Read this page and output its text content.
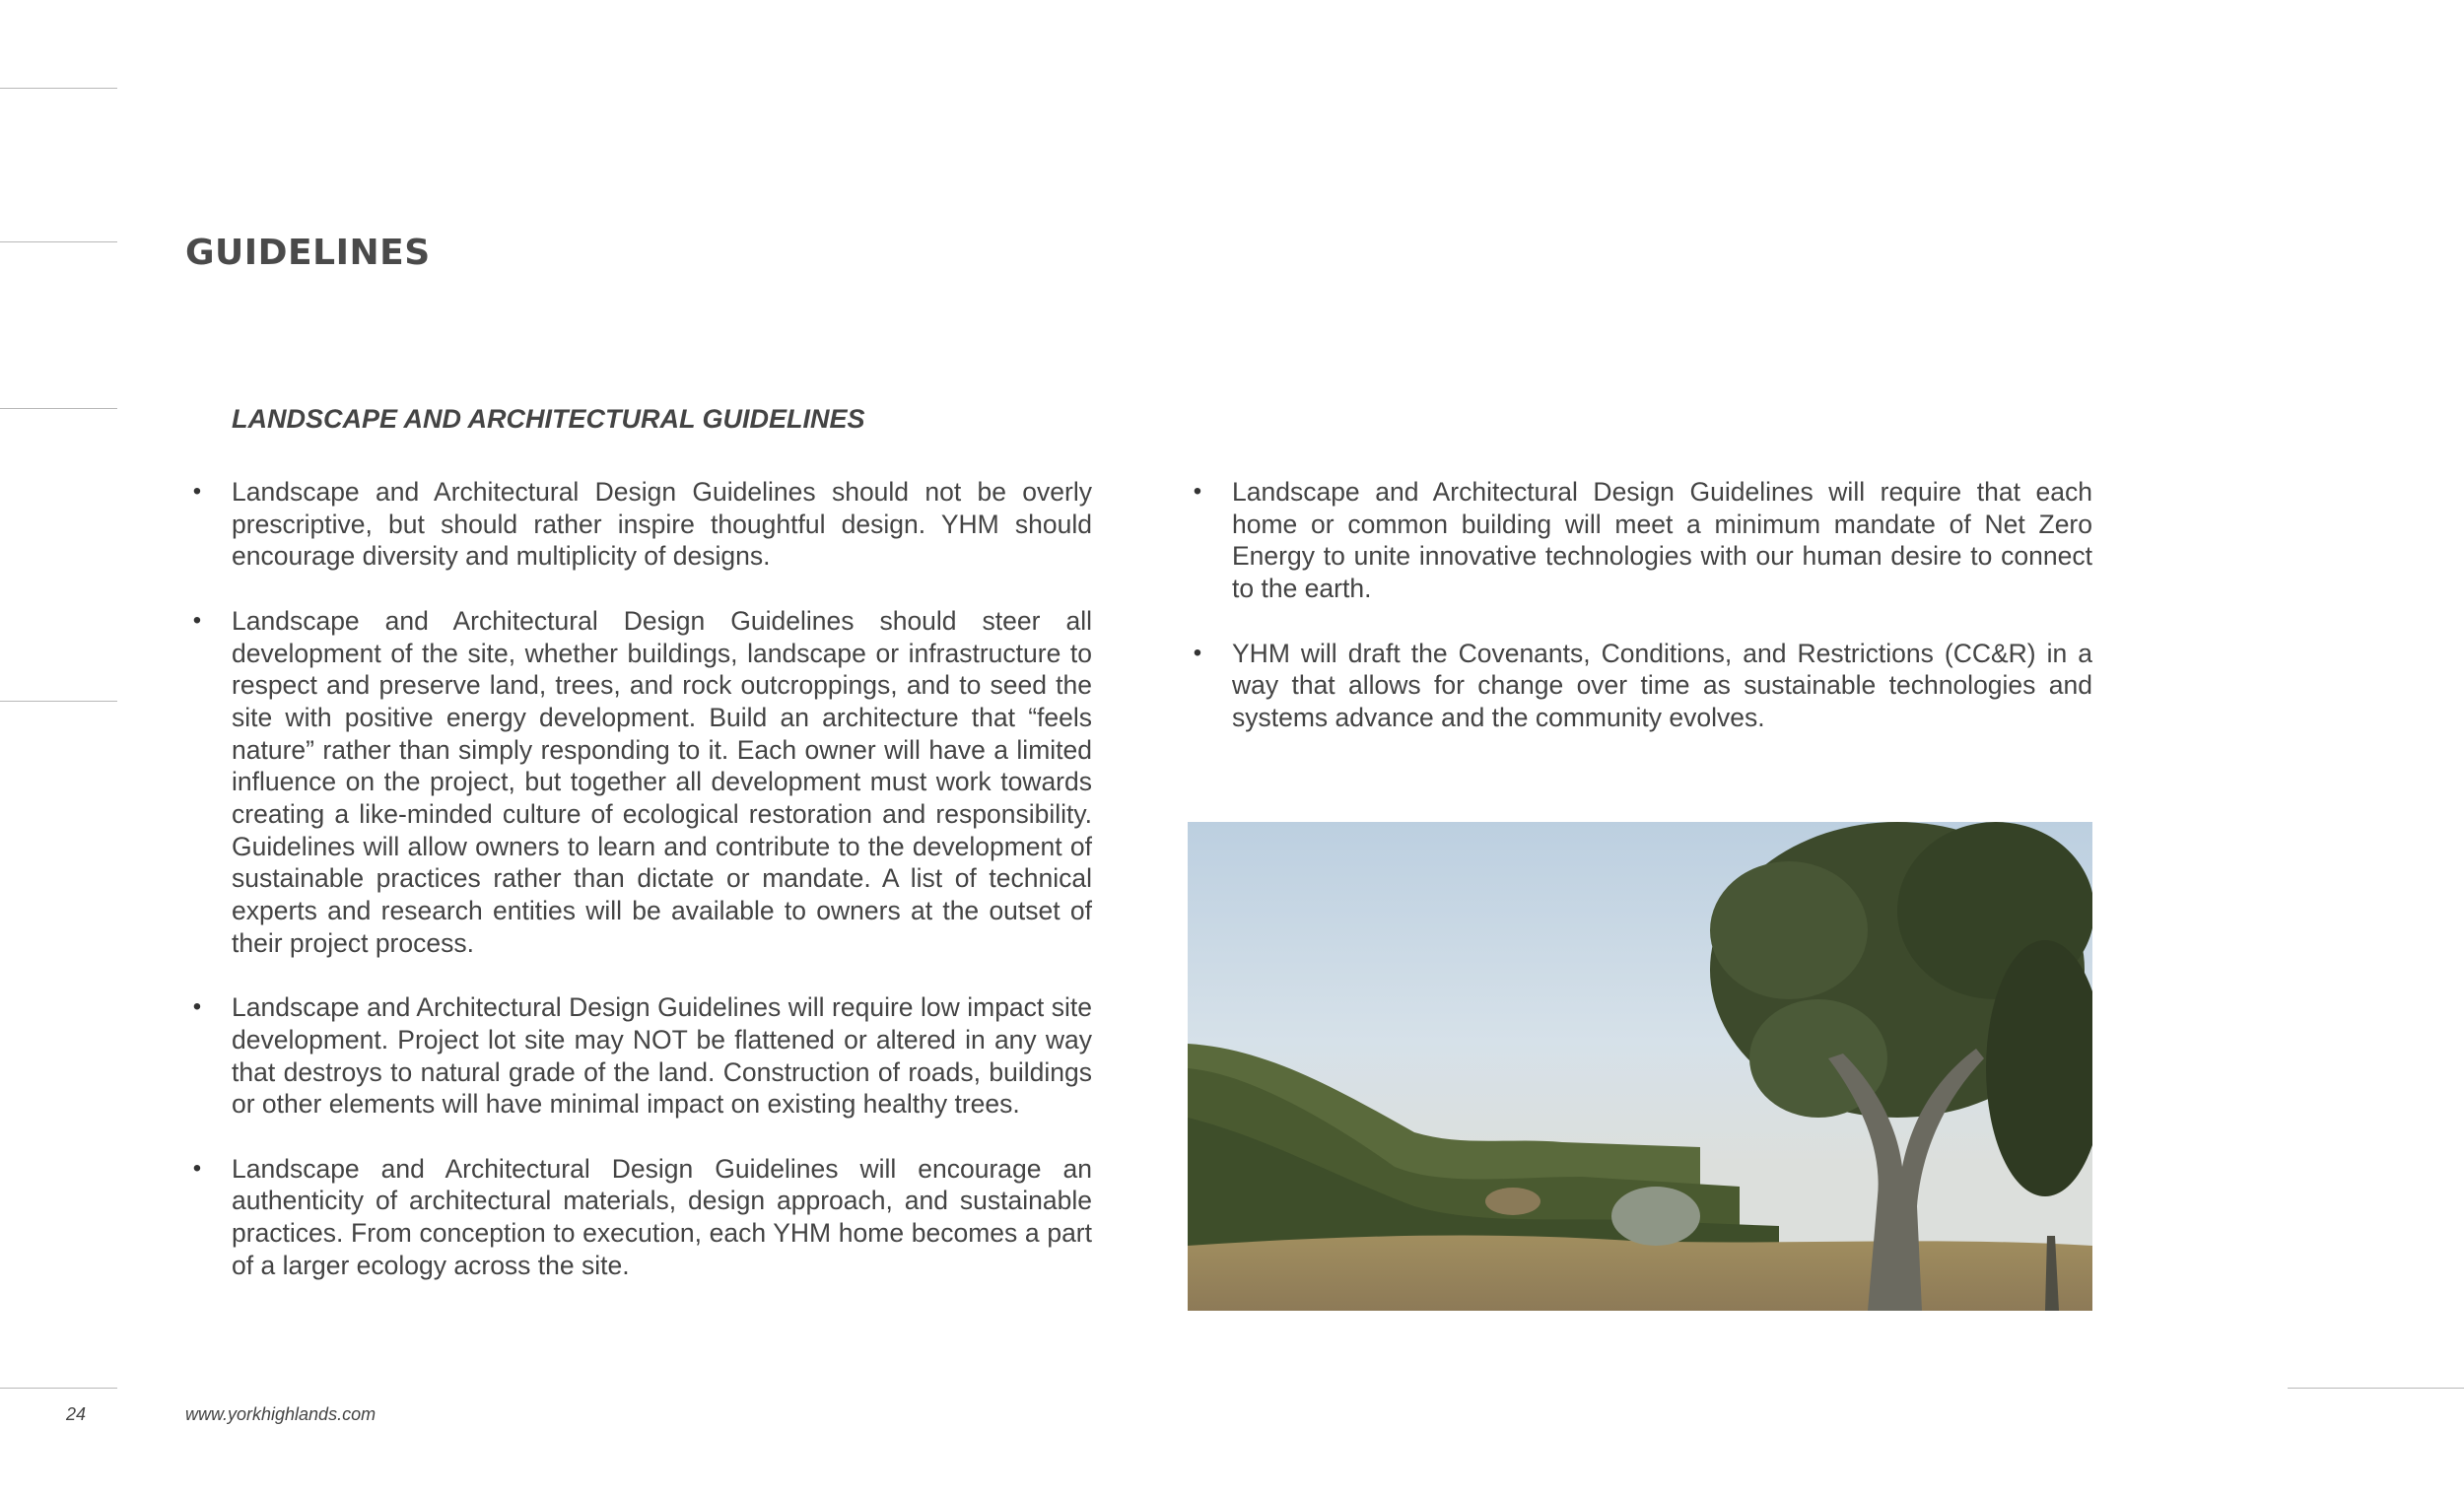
GUIDELINES
LANDSCAPE AND ARCHITECTURAL GUIDELINES
• Landscape and Architectural Design Guidelines should not be overly prescriptive, but should rather inspire thoughtful design. YHM should encourage diversity and multiplicity of designs.
• Landscape and Architectural Design Guidelines should steer all development of the site, whether buildings, landscape or infrastructure to respect and preserve land, trees, and rock outcroppings, and to seed the site with positive energy development. Build an architecture that “feels nature” rather than simply responding to it. Each owner will have a limited influence on the project, but together all development must work towards creating a like-minded culture of ecological restoration and responsibility. Guidelines will allow owners to learn and contribute to the development of sustainable practices rather than dictate or mandate. A list of technical experts and research entities will be available to owners at the outset of their project process.
• Landscape and Architectural Design Guidelines will require low impact site development. Project lot site may NOT be flattened or altered in any way that destroys to natural grade of the land. Construction of roads, buildings or other elements will have minimal impact on existing healthy trees.
• Landscape and Architectural Design Guidelines will encourage an authenticity of architectural materials, design approach, and sustainable practices. From conception to execution, each YHM home becomes a part of a larger ecology across the site.
• Landscape and Architectural Design Guidelines will require that each home or common building will meet a minimum mandate of Net Zero Energy to unite innovative technologies with our human desire to connect to the earth.
• YHM will draft the Covenants, Conditions, and Restrictions (CC&R) in a way that allows for change over time as sustainable technologies and systems advance and the community evolves.
24	www.yorkhighlands.com
